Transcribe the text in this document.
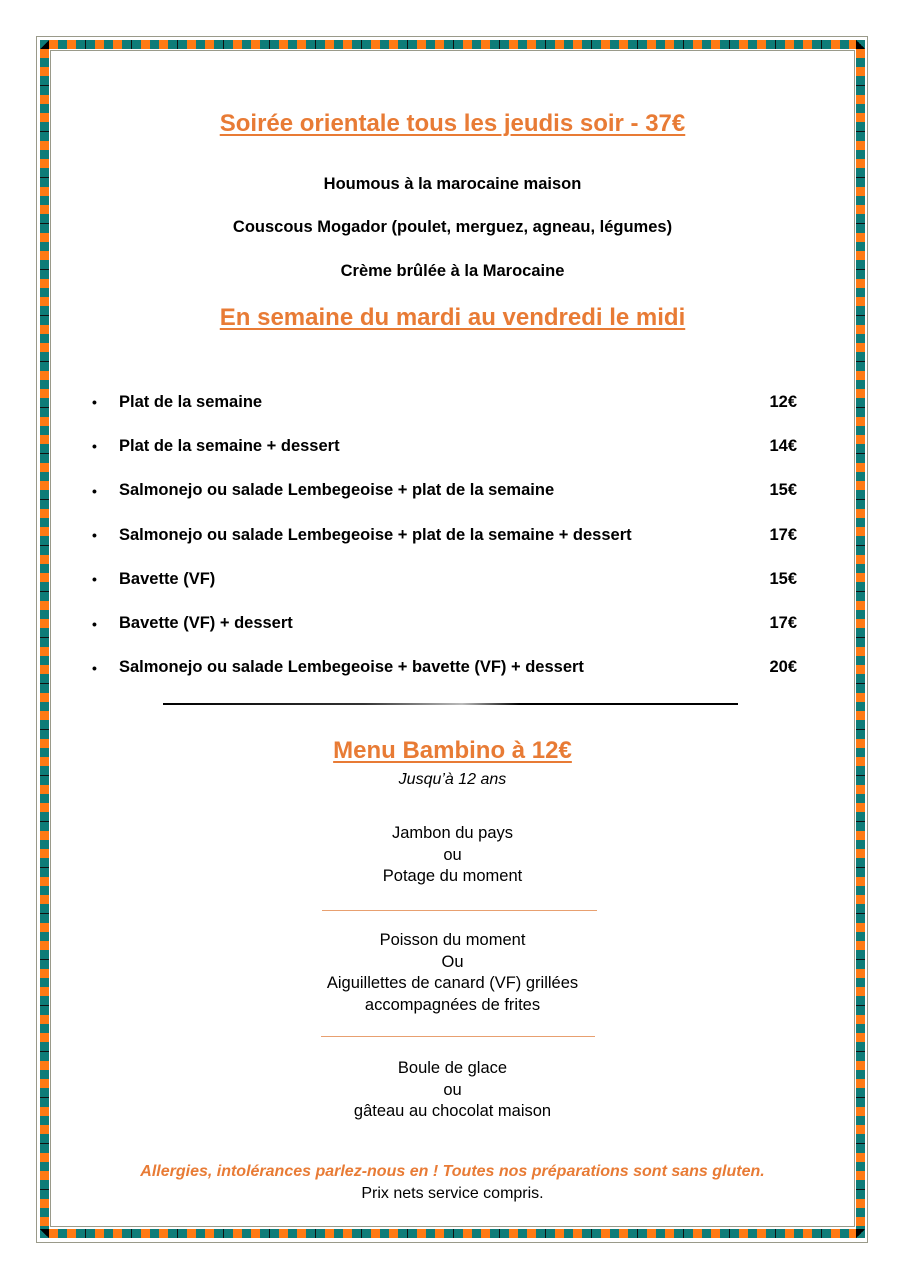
Soirée orientale tous les jeudis soir - 37€

Houmous à la marocaine maison

Couscous Mogador (poulet, merguez, agneau, légumes)

Crème brûlée à la Marocaine

En semaine du mardi au vendredi le midi
•	Plat de la semaine	12€
•	Plat de la semaine + dessert	14€
•	Salmonejo ou salade Lembegeoise + plat de la semaine	15€
•	Salmonejo ou salade Lembegeoise + plat de la semaine + dessert	17€
•	Bavette (VF)	15€
•	Bavette (VF) + dessert	17€
•	Salmonejo ou salade Lembegeoise + bavette (VF) + dessert	20€
Menu Bambino à 12€
Jusqu’à 12 ans
Jambon du pays
ou
Potage du moment
Poisson du moment
Ou
Aiguillettes de canard (VF) grillées
accompagnées de frites
Boule de glace
ou
gâteau au chocolat maison
Allergies, intolérances parlez-nous en ! Toutes nos préparations sont sans gluten.
Prix nets service compris.
